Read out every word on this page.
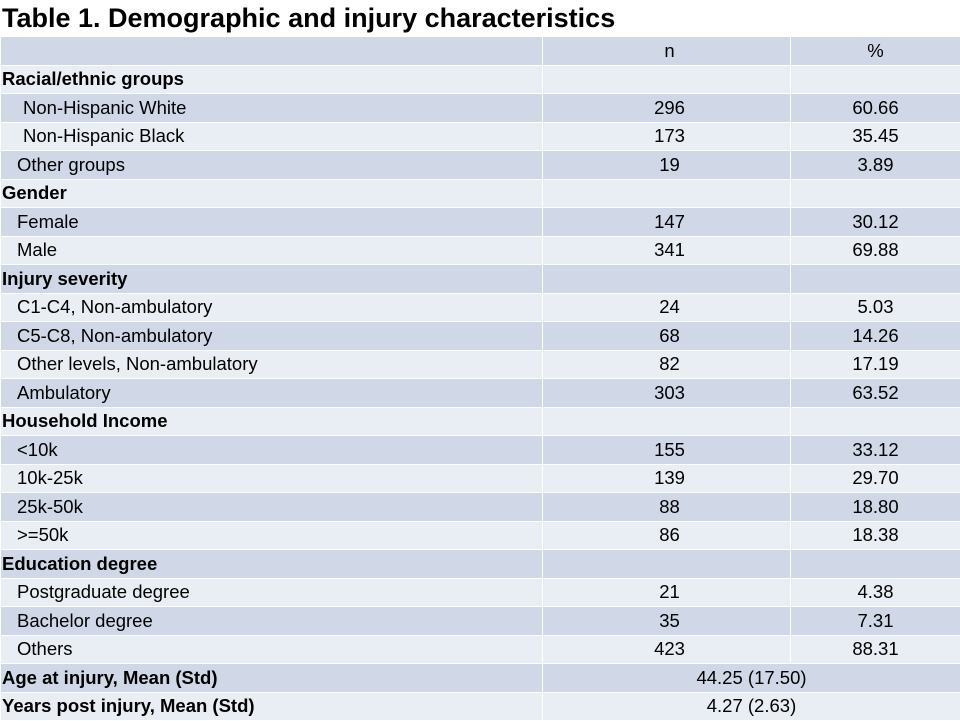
Table 1. Demographic and injury characteristics
	n	%
Racial/ethnic groups		
Non-Hispanic White	296	60.66
Non-Hispanic Black	173	35.45
Other groups	19	3.89
Gender		
Female	147	30.12
Male	341	69.88
Injury severity		
C1-C4, Non-ambulatory	24	5.03
C5-C8, Non-ambulatory	68	14.26
Other levels, Non-ambulatory	82	17.19
Ambulatory	303	63.52
Household Income		
<10k	155	33.12
10k-25k	139	29.70
25k-50k	88	18.80
>=50k	86	18.38
Education degree		
Postgraduate degree	21	4.38
Bachelor degree	35	7.31
Others	423	88.31
Age at injury, Mean (Std)	44.25 (17.50)	
Years post injury, Mean (Std)	4.27 (2.63)	
